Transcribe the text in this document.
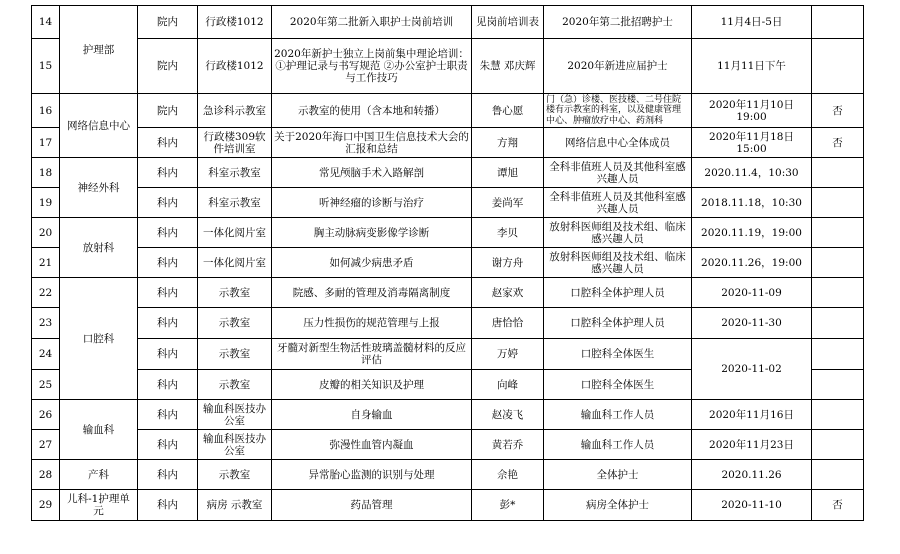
14	护理部	院内	行政楼1012	2020年第二批新入职护士岗前培训	见岗前培训表	2020年第二批招聘护士	11月4日-5日	
15		院内	行政楼1012	2020年新护士独立上岗前集中理论培训：①护理记录与书写规范 ②办公室护士职责与工作技巧	朱慧 邓庆辉	2020年新进应届护士	11月11日下午	
16	网络信息中心	院内	急诊科示教室	示教室的使用（含本地和转播）	鲁心愿	门（急）诊楼、医技楼、二号住院楼有示教室的科室，以及健康管理中心、肿瘤放疗中心、药剂科	2020年11月10日19:00	否
17		科内	行政楼309软件培训室	关于2020年海口中国卫生信息技术大会的汇报和总结	方翔	网络信息中心全体成员	2020年11月18日15:00	否
18	神经外科	科内	科室示教室	常见颅脑手术入路解剖	谭旭	全科非值班人员及其他科室感兴趣人员	2020.11.4，10:30	
19		科内	科室示教室	听神经瘤的诊断与治疗	姜尚军	全科非值班人员及其他科室感兴趣人员	2018.11.18，10:30	
20	放射科	科内	一体化阅片室	胸主动脉病变影像学诊断	李贝	放射科医师组及技术组、临床感兴趣人员	2020.11.19，19:00	
21		科内	一体化阅片室	如何减少病患矛盾	谢方舟	放射科医师组及技术组、临床感兴趣人员	2020.11.26，19:00	
22	口腔科	科内	示教室	院感、多耐的管理及消毒隔离制度	赵家欢	口腔科全体护理人员	2020-11-09	
23		科内	示教室	压力性损伤的规范管理与上报	唐恰恰	口腔科全体护理人员	2020-11-30	
24		科内	示教室	牙髓对新型生物活性玻璃盖髓材料的反应评估	万婷	口腔科全体医生	2020-11-02	
25		科内	示教室	皮瓣的相关知识及护理	向峰	口腔科全体医生		
26	输血科	科内	输血科医技办公室	自身输血	赵凌飞	输血科工作人员	2020年11月16日	
27		科内	输血科医技办公室	弥漫性血管内凝血	黄若乔	输血科工作人员	2020年11月23日	
28	产科	科内	示教室	异常胎心监测的识别与处理	佘艳	全体护士	2020.11.26	
29	儿科-1护理单元	科内	病房 示教室	药品管理	彭*	病房全体护士	2020-11-10	否
